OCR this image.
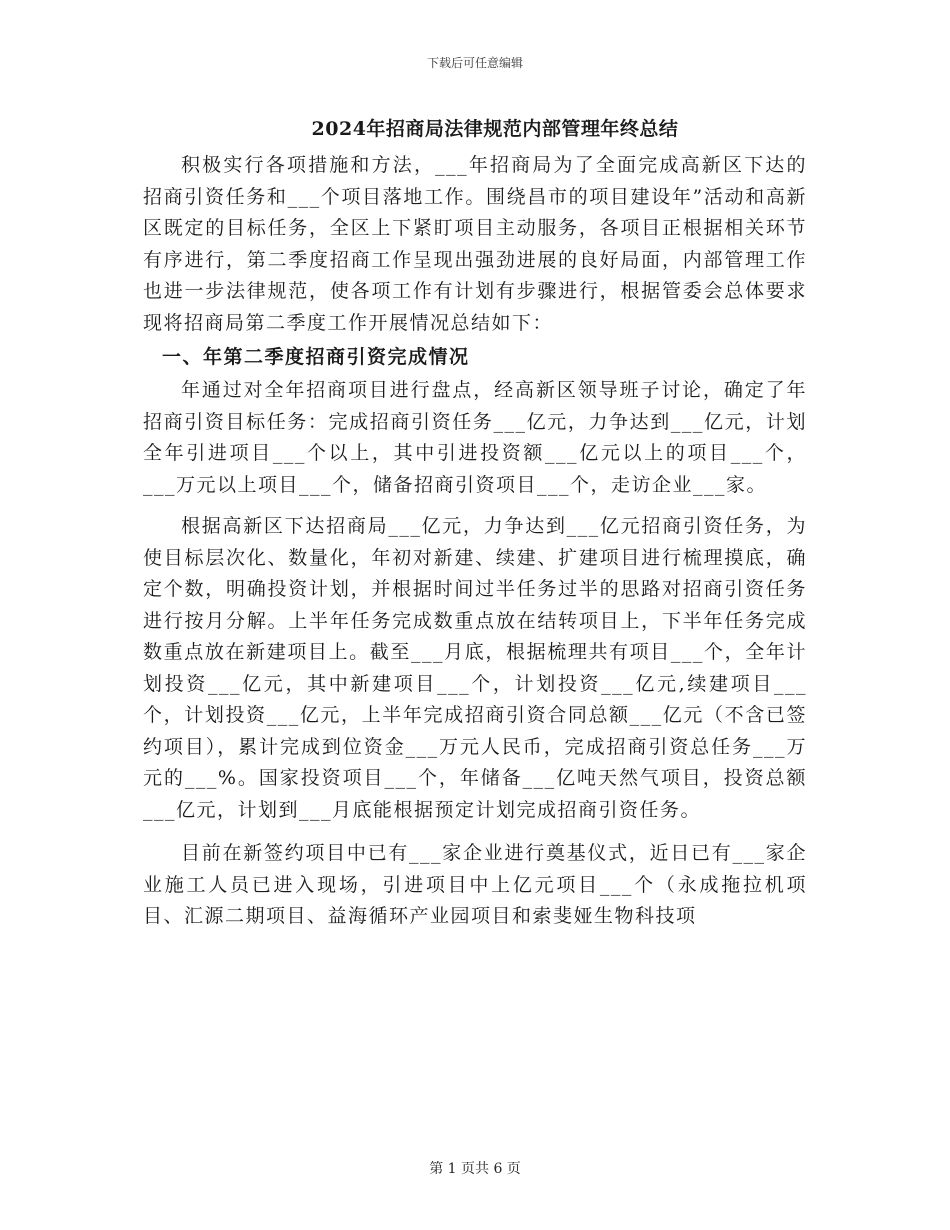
下载后可任意编辑
2024年招商局法律规范内部管理年终总结

积极实行各项措施和方法，___年招商局为了全面完成高新区下达的招商引资任务和___个项目落地工作。围绕昌市的项目建设年”活动和高新区既定的目标任务，全区上下紧盯项目主动服务，各项目正根据相关环节有序进行，第二季度招商工作呈现出强劲进展的良好局面，内部管理工作也进一步法律规范，使各项工作有计划有步骤进行，根据管委会总体要求现将招商局第二季度工作开展情况总结如下：

一、年第二季度招商引资完成情况

年通过对全年招商项目进行盘点，经高新区领导班子讨论，确定了年招商引资目标任务：完成招商引资任务___亿元，力争达到___亿元，计划全年引进项目___个以上，其中引进投资额___亿元以上的项目___个，___万元以上项目___个，储备招商引资项目___个，走访企业___家。

根据高新区下达招商局___亿元，力争达到___亿元招商引资任务，为使目标层次化、数量化，年初对新建、续建、扩建项目进行梳理摸底，确定个数，明确投资计划，并根据时间过半任务过半的思路对招商引资任务进行按月分解。上半年任务完成数重点放在结转项目上，下半年任务完成数重点放在新建项目上。截至___月底，根据梳理共有项目___个，全年计划投资___亿元，其中新建项目___个，计划投资___亿元,续建项目___个，计划投资___亿元，上半年完成招商引资合同总额___亿元（不含已签约项目），累计完成到位资金___万元人民币，完成招商引资总任务___万元的___%。国家投资项目___个，年储备___亿吨天然气项目，投资总额___亿元，计划到___月底能根据预定计划完成招商引资任务。

目前在新签约项目中已有___家企业进行奠基仪式，近日已有___家企业施工人员已进入现场，引进项目中上亿元项目___个（永成拖拉机项目、汇源二期项目、益海循环产业园项目和索斐娅生物科技项

第 1 页共 6 页
